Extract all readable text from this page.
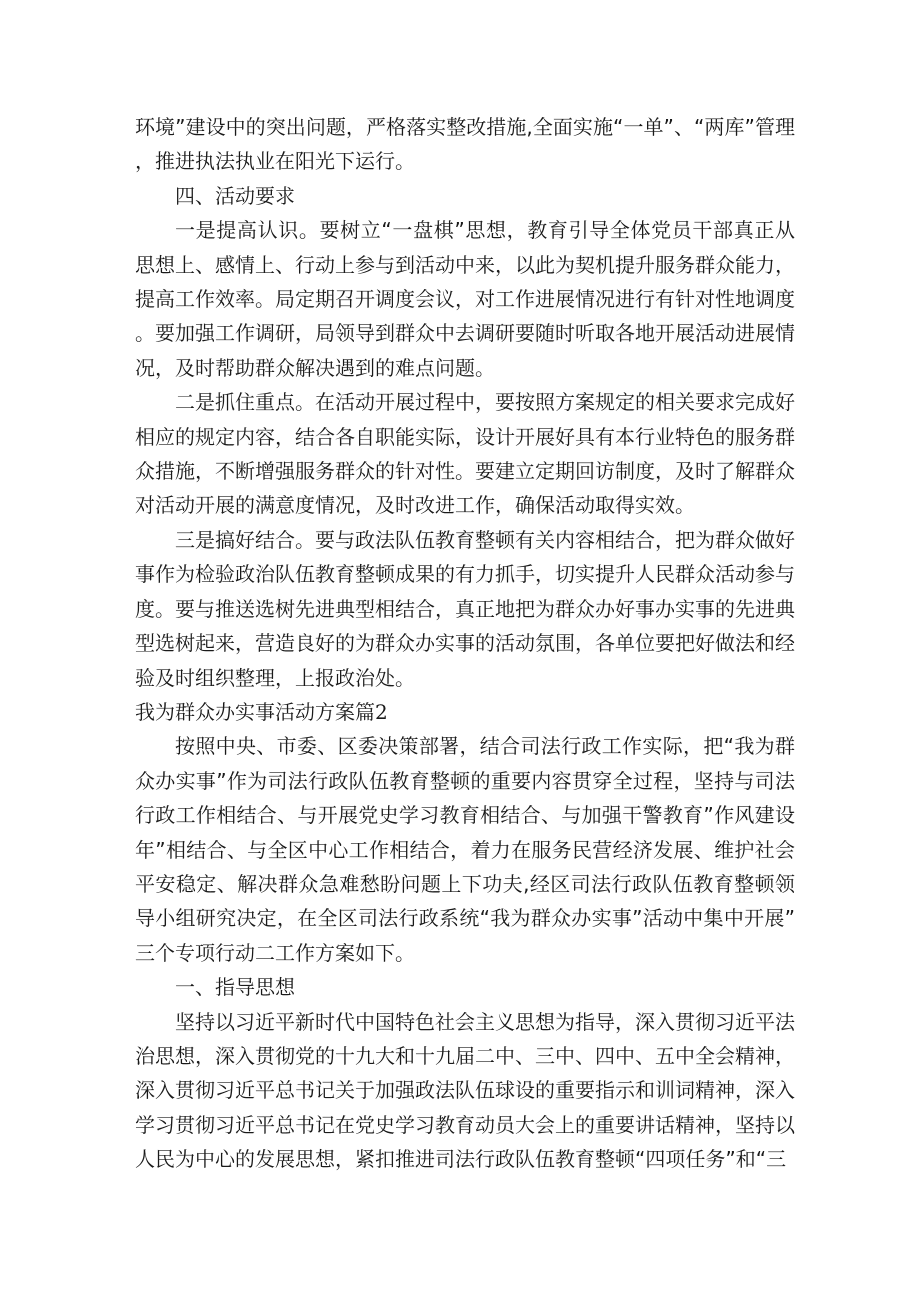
环境”建设中的突出问题，严格落实整改措施,全面实施“一单”、“两库”管理，推进执法执业在阳光下运行。

四、活动要求

一是提高认识。要树立“一盘棋”思想，教育引导全体党员干部真正从思想上、感情上、行动上参与到活动中来，以此为契机提升服务群众能力，提高工作效率。局定期召开调度会议，对工作进展情况进行有针对性地调度。要加强工作调研，局领导到群众中去调研要随时听取各地开展活动进展情况，及时帮助群众解决遇到的难点问题。

二是抓住重点。在活动开展过程中，要按照方案规定的相关要求完成好相应的规定内容，结合各自职能实际，设计开展好具有本行业特色的服务群众措施，不断增强服务群众的针对性。要建立定期回访制度，及时了解群众对活动开展的满意度情况，及时改进工作，确保活动取得实效。

三是搞好结合。要与政法队伍教育整顿有关内容相结合，把为群众做好事作为检验政治队伍教育整顿成果的有力抓手，切实提升人民群众活动参与度。要与推送选树先进典型相结合，真正地把为群众办好事办实事的先进典型选树起来，营造良好的为群众办实事的活动氛围，各单位要把好做法和经验及时组织整理，上报政治处。

我为群众办实事活动方案篇2

按照中央、市委、区委决策部署，结合司法行政工作实际，把“我为群众办实事”作为司法行政队伍教育整顿的重要内容贯穿全过程，坚持与司法行政工作相结合、与开展党史学习教育相结合、与加强干警教育”作风建设年”相结合、与全区中心工作相结合，着力在服务民营经济发展、维护社会平安稳定、解决群众急难愁盼问题上下功夫,经区司法行政队伍教育整顿领导小组研究决定，在全区司法行政系统“我为群众办实事”活动中集中开展”三个专项行动二工作方案如下。

一、指导思想

坚持以习近平新时代中国特色社会主义思想为指导，深入贯彻习近平法治思想，深入贯彻党的十九大和十九届二中、三中、四中、五中全会精神，深入贯彻习近平总书记关于加强政法队伍球设的重要指示和训词精神，深入学习贯彻习近平总书记在党史学习教育动员大会上的重要讲话精神，坚持以人民为中心的发展思想，紧扣推进司法行政队伍教育整顿“四项任务”和“三
